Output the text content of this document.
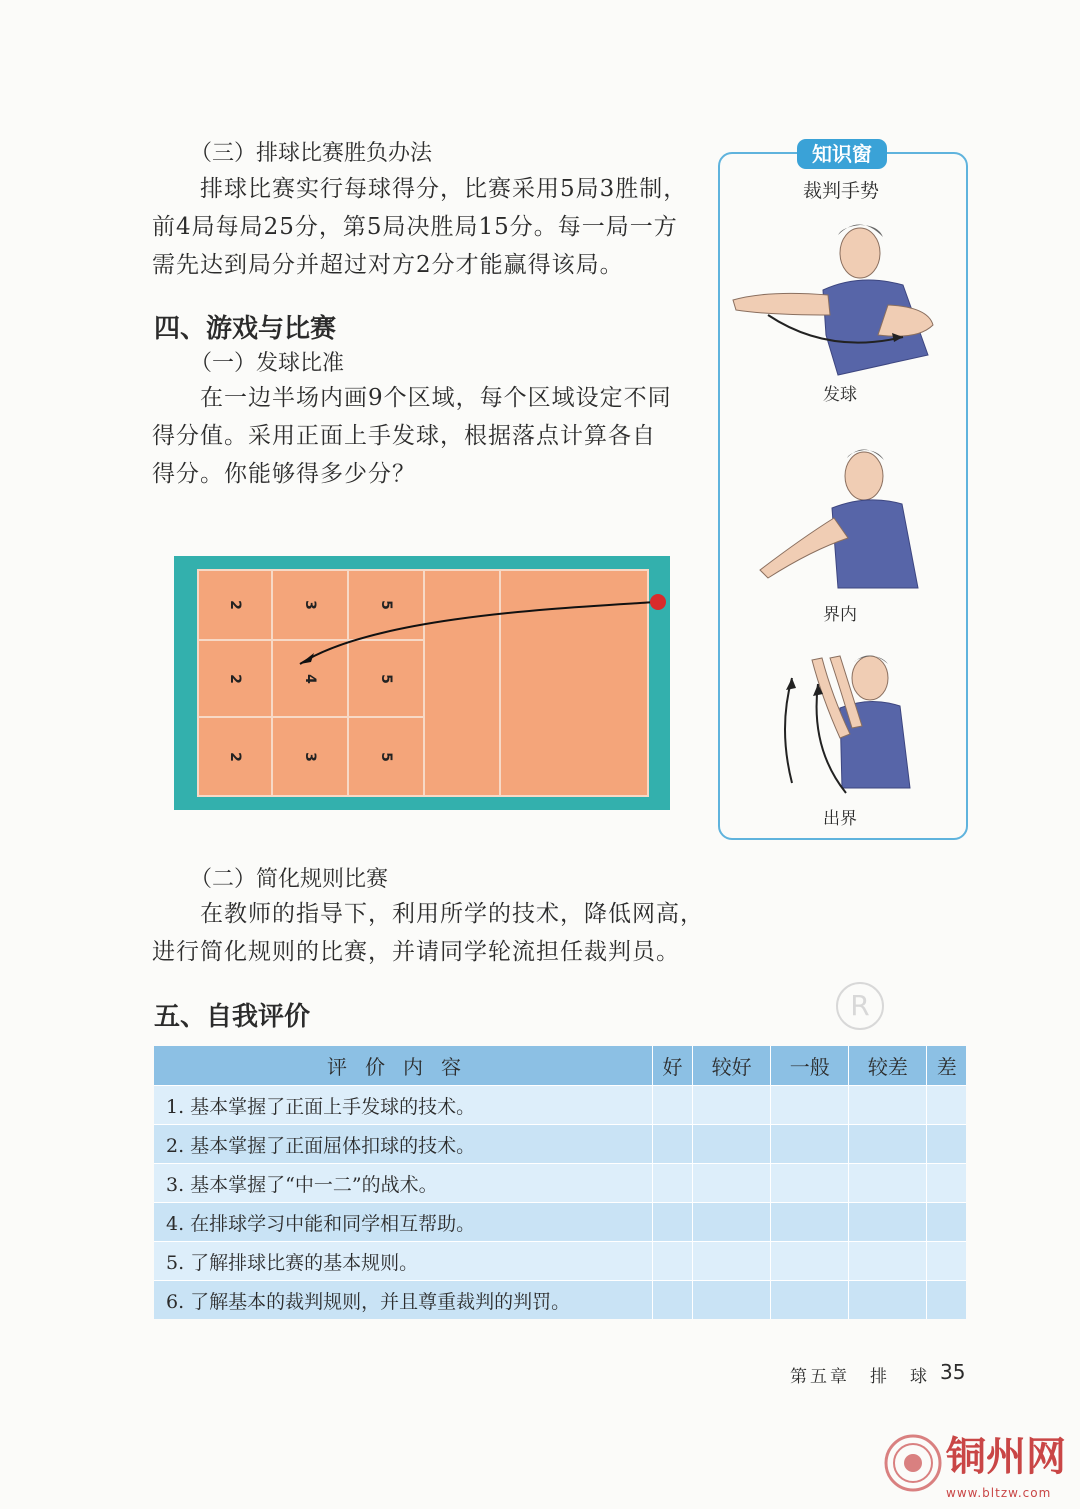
（三）排球比赛胜负办法
排球比赛实行每球得分，比赛采用5局3胜制，
前4局每局25分，第5局决胜局15分。每一局一方
需先达到局分并超过对方2分才能赢得该局。
四、游戏与比赛
（一）发球比准
在一边半场内画9个区域，每个区域设定不同
得分值。采用正面上手发球，根据落点计算各自
得分。你能够得多少分？
2	3	5
2	4	5
2	3	5
（二）简化规则比赛
在教师的指导下，利用所学的技术，降低网高，
进行简化规则的比赛，并请同学轮流担任裁判员。
知识窗
裁判手势
发球
界内
出界
五、自我评价	R
评价内容	好	较好	一般	较差	差
1. 基本掌握了正面上手发球的技术。					
2. 基本掌握了正面屈体扣球的技术。					
3. 基本掌握了“中一二”的战术。					
4. 在排球学习中能和同学相互帮助。					
5. 了解排球比赛的基本规则。					
6. 了解基本的裁判规则，并且尊重裁判的判罚。					
第五章　排　球 35
铜州网
www.bltzw.com
